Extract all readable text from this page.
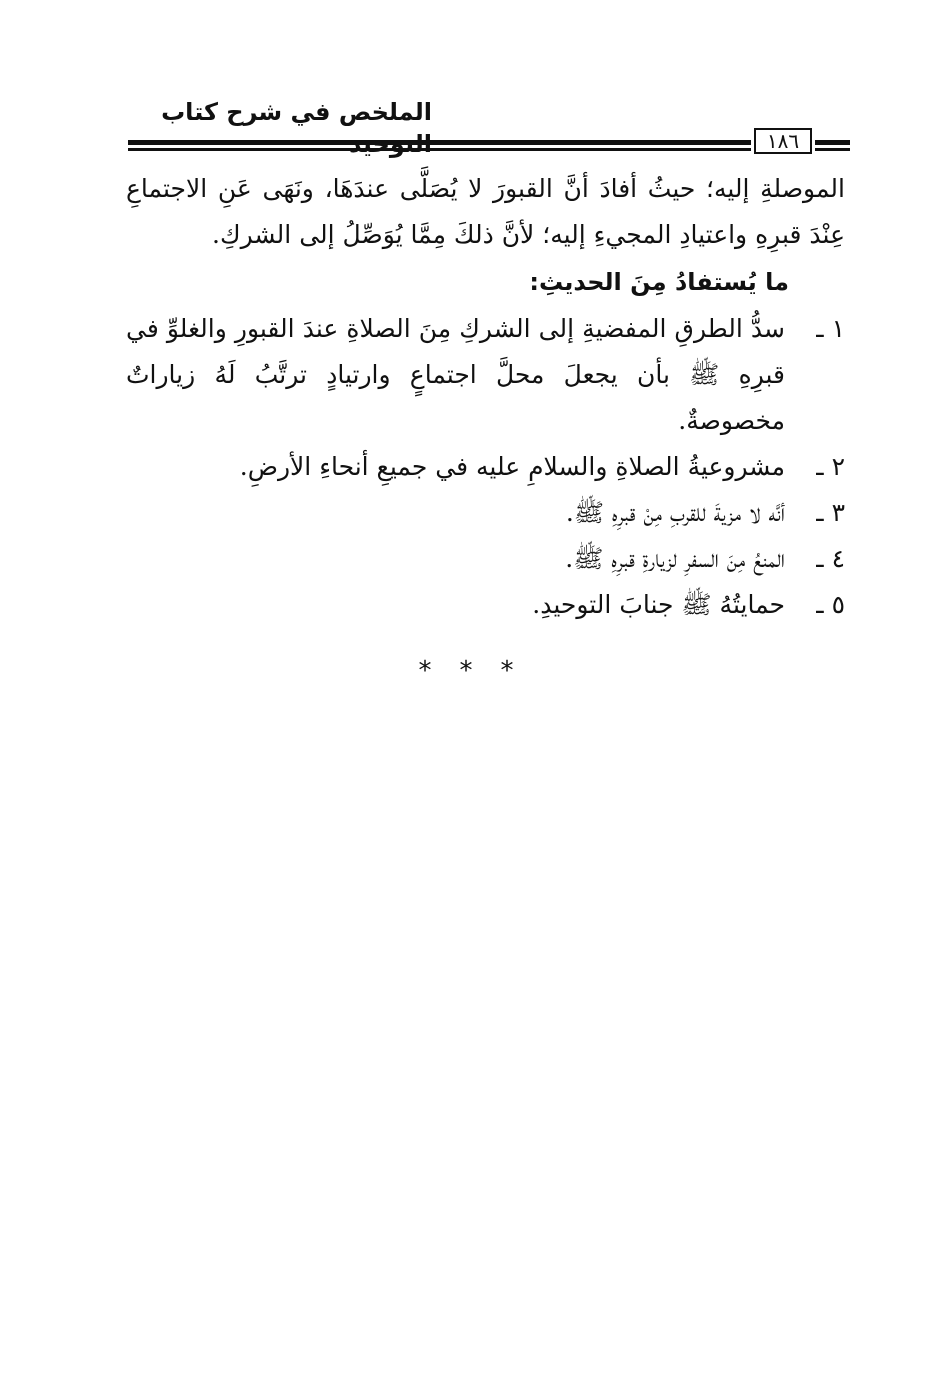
الملخص في شرح كتاب
١٨٦

الموصلةِ إليه؛ حيثُ أفادَ أنَّ القبورَ لا يُصَلَّى عندَهَا، ونَهَى عَنِ الاجتماعِ عِنْدَ قبرِهِ واعتيادِ المجيءِ إليه؛ لأنَّ ذلكَ مِمَّا يُوَصِّلُ إلى الشركِ.

ما يُستفادُ مِنَ الحديثِ:

١ ـ
سدُّ الطرقِ المفضيةِ إلى الشركِ مِنَ الصلاةِ عندَ القبورِ والغلوِّ في قبرِهِ ﷺ بأن يجعلَ محلَّ اجتماعٍ وارتيادٍ ترتَّبُ لَهُ زياراتٌ مخصوصةٌ.
٢ ـ
مشروعيةُ الصلاةِ والسلامِ عليه في جميعِ أنحاءِ الأرضِ.
٣ ـ
أنَّه لا مزيةَ للقربِ مِنْ قبرِهِ ﷺ.
٤ ـ
المنعُ مِنَ السفرِ لزيارةِ قبرِهِ ﷺ.
٥ ـ
حمايتُهُ ﷺ جنابَ التوحيدِ.
***
